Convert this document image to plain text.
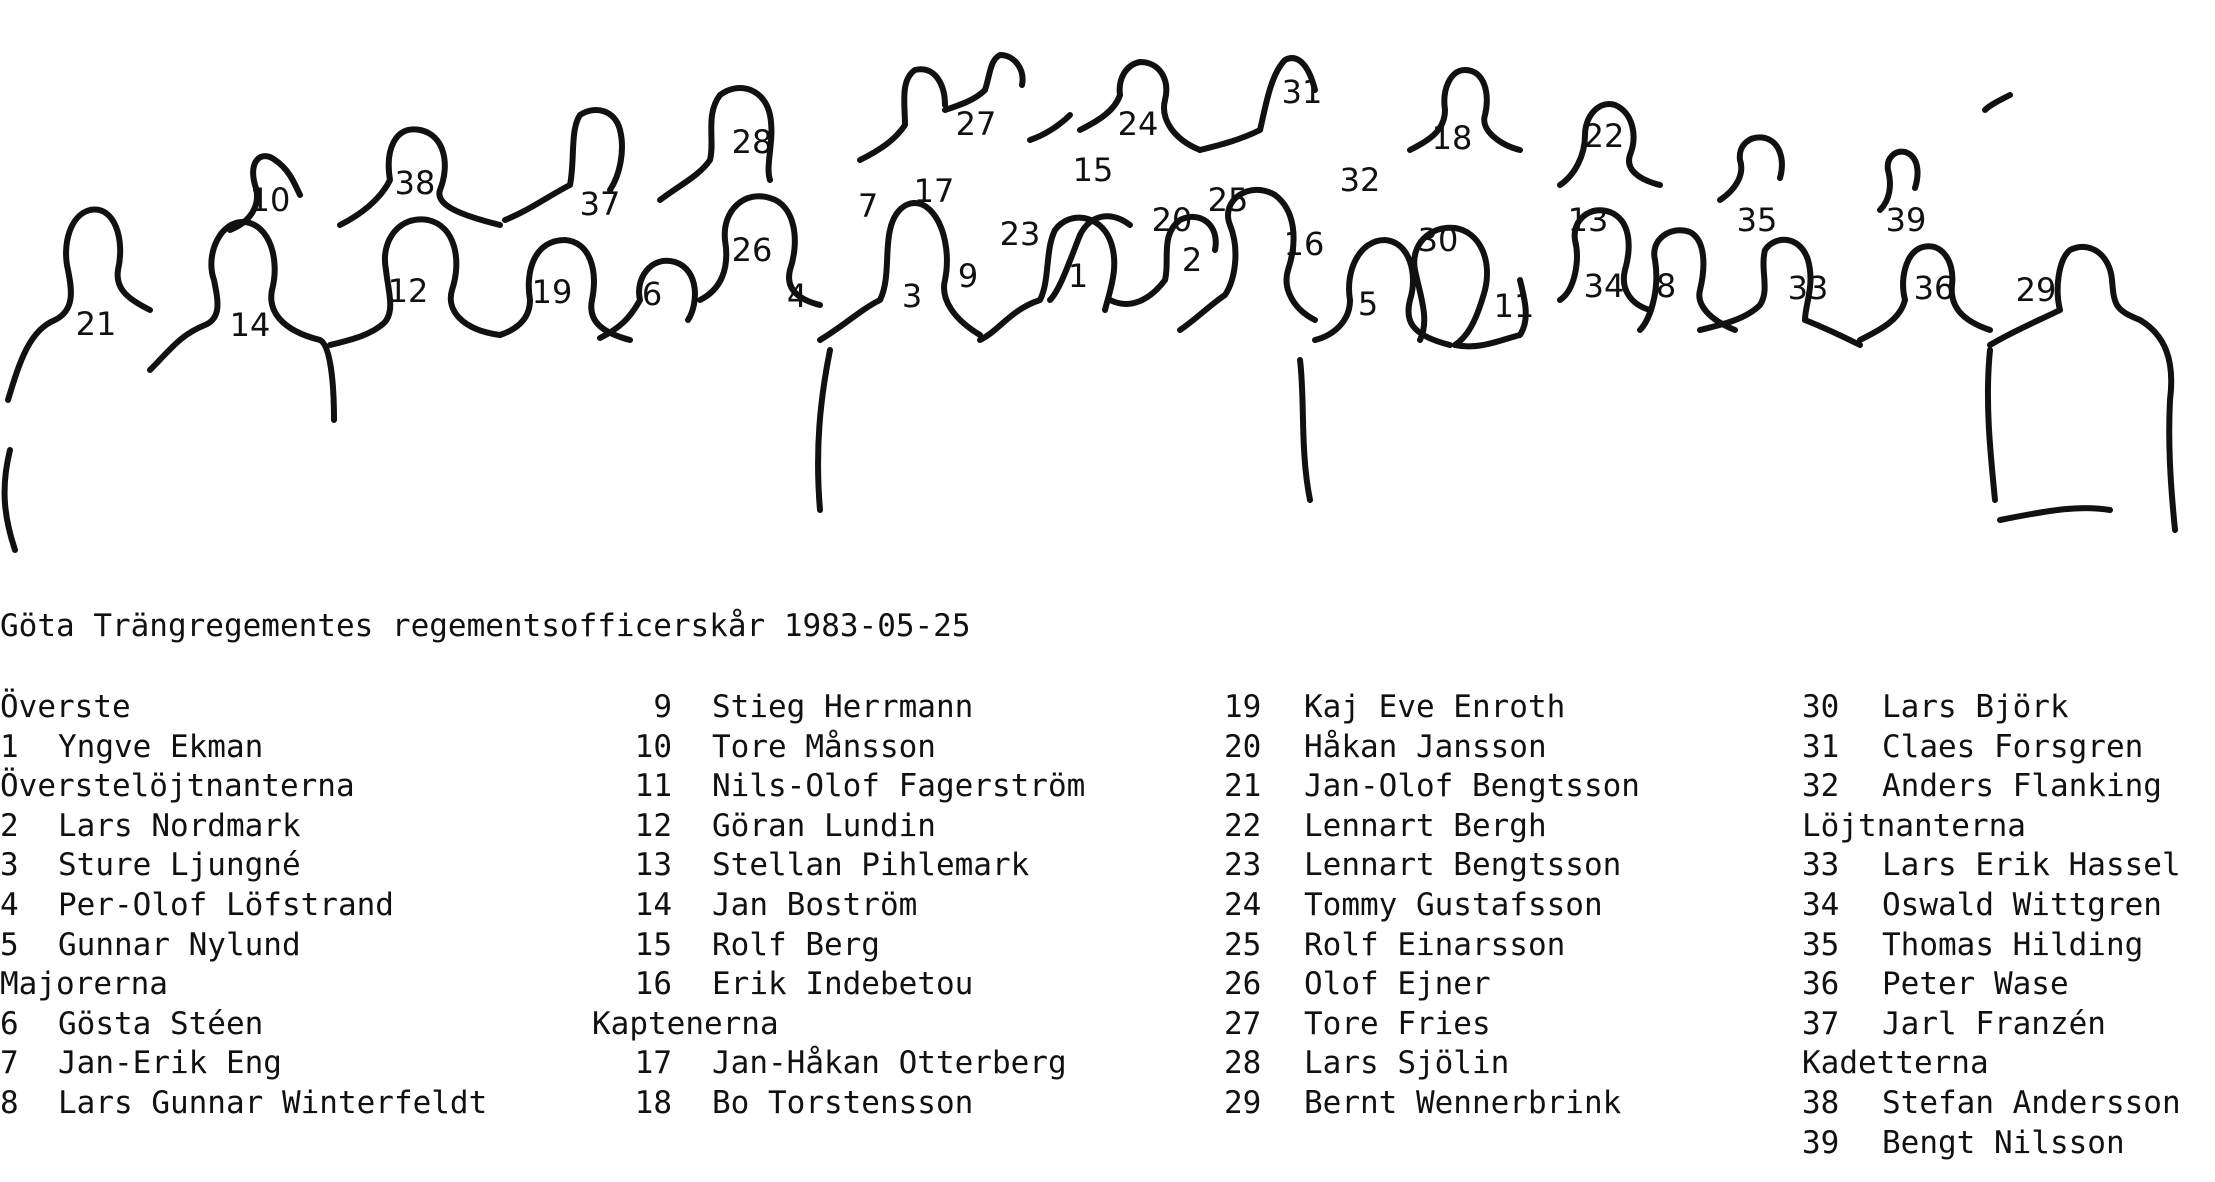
21	14
10
12
38
37
19 6
28
26
4	3
7 17
27
9
23
1
15
24
20
2
25
31
16
32
5
18
30
11
22
13
34 8
35
33
39
36 29
Göta Trängregementes regementsofficerskår 1983-05-25
Överste
1	Yngve Ekman
Överstelöjtnanterna
2	Lars Nordmark
3	Sture Ljungné
4	Per-Olof Löfstrand
5	Gunnar Nylund
Majorerna
6	Gösta Stéen
7	Jan-Erik Eng
8	Lars Gunnar Winterfeldt
9	Stieg Herrmann
10	Tore Månsson
11	Nils-Olof Fagerström
12	Göran Lundin
13	Stellan Pihlemark
14	Jan Boström
15	Rolf Berg
16	Erik Indebetou
Kaptenerna
17	Jan-Håkan Otterberg
18	Bo Torstensson
19	Kaj Eve Enroth
20	Håkan Jansson
21	Jan-Olof Bengtsson
22	Lennart Bergh
23	Lennart Bengtsson
24	Tommy Gustafsson
25	Rolf Einarsson
26	Olof Ejner
27	Tore Fries
28	Lars Sjölin
29	Bernt Wennerbrink
30	Lars Björk
31	Claes Forsgren
32	Anders Flanking
Löjtnanterna
33	Lars Erik Hassel
34	Oswald Wittgren
35	Thomas Hilding
36	Peter Wase
37	Jarl Franzén
Kadetterna
38	Stefan Andersson
39	Bengt Nilsson
